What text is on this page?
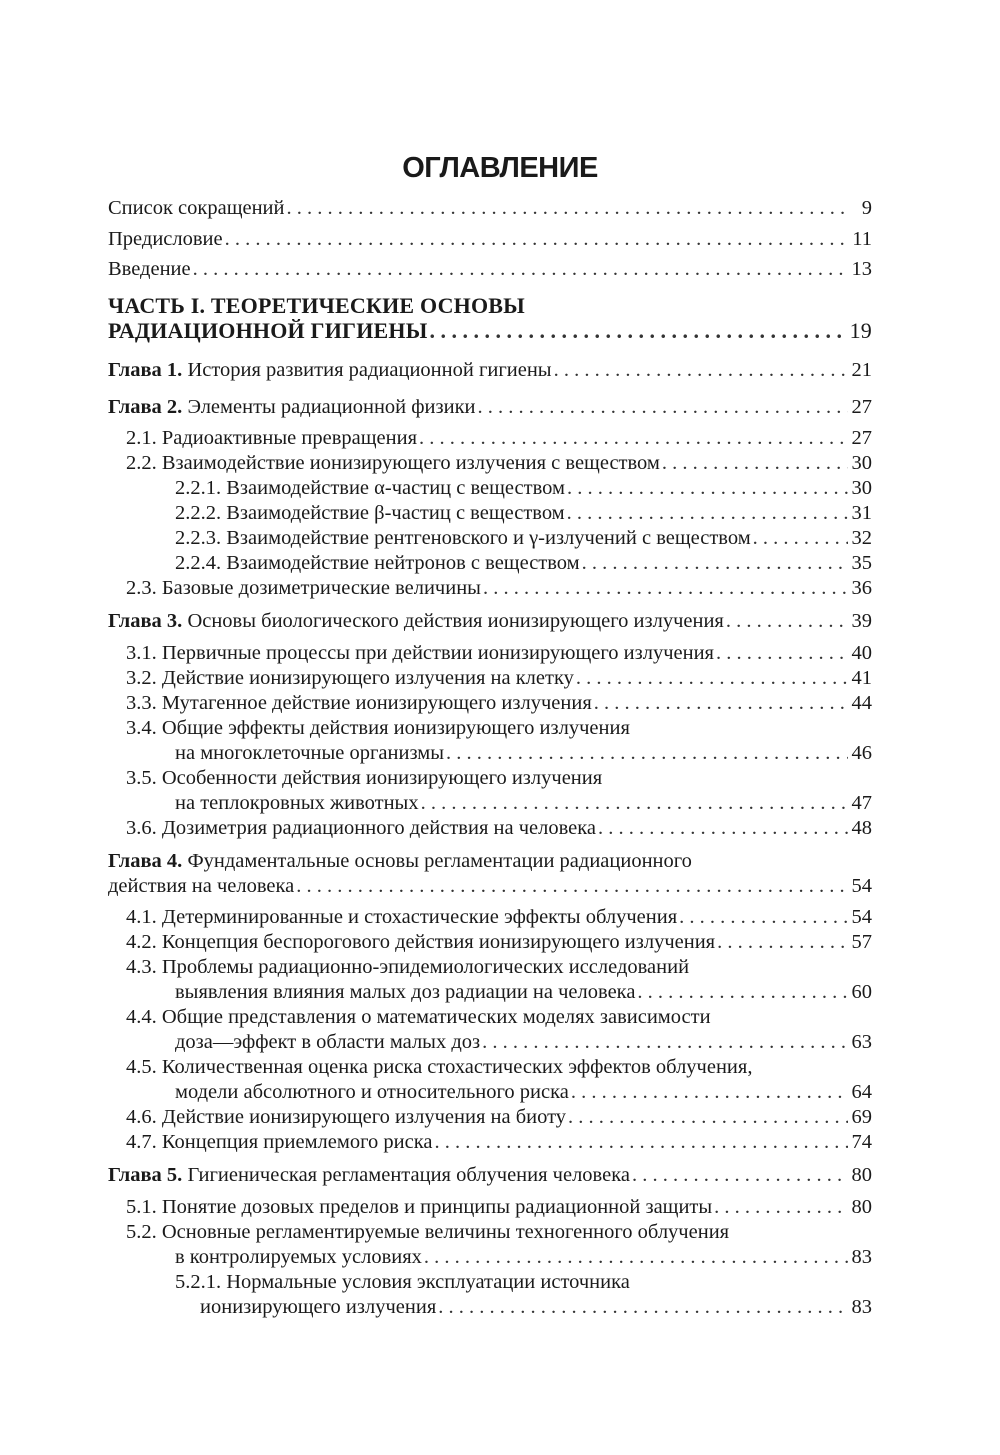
ОГЛАВЛЕНИЕ
Список сокращений . . .	9
Предисловие . . .	11
Введение . . .	13
ЧАСТЬ I. ТЕОРЕТИЧЕСКИЕ ОСНОВЫ
РАДИАЦИОННОЙ ГИГИЕНЫ . . .	19
Глава 1. История развития радиационной гигиены . . .	21
Глава 2. Элементы радиационной физики . . .	27
2.1. Радиоактивные превращения . . .	27
2.2. Взаимодействие ионизирующего излучения с веществом . . .	30
2.2.1. Взаимодействие α-частиц с веществом . . .	30
2.2.2. Взаимодействие β-частиц с веществом . . .	31
2.2.3. Взаимодействие рентгеновского и γ-излучений с веществом . . .	32
2.2.4. Взаимодействие нейтронов с веществом . . .	35
2.3. Базовые дозиметрические величины . . .	36
Глава 3. Основы биологического действия ионизирующего излучения . . .	39
3.1. Первичные процессы при действии ионизирующего излучения . . .	40
3.2. Действие ионизирующего излучения на клетку . . .	41
3.3. Мутагенное действие ионизирующего излучения . . .	44
3.4. Общие эффекты действия ионизирующего излучения
на многоклеточные организмы . . .	46
3.5. Особенности действия ионизирующего излучения
на теплокровных животных . . .	47
3.6. Дозиметрия радиационного действия на человека . . .	48
Глава 4. Фундаментальные основы регламентации радиационного
действия на человека . . .	54
4.1. Детерминированные и стохастические эффекты облучения . . .	54
4.2. Концепция беспорогового действия ионизирующего излучения . . .	57
4.3. Проблемы радиационно-эпидемиологических исследований
выявления влияния малых доз радиации на человека . . .	60
4.4. Общие представления о математических моделях зависимости
доза—эффект в области малых доз . . .	63
4.5. Количественная оценка риска стохастических эффектов облучения,
модели абсолютного и относительного риска . . .	64
4.6. Действие ионизирующего излучения на биоту . . .	69
4.7. Концепция приемлемого риска . . .	74
Глава 5. Гигиеническая регламентация облучения человека . . .	80
5.1. Понятие дозовых пределов и принципы радиационной защиты . . .	80
5.2. Основные регламентируемые величины техногенного облучения
в контролируемых условиях . . .	83
5.2.1. Нормальные условия эксплуатации источника
ионизирующего излучения . . .	83
